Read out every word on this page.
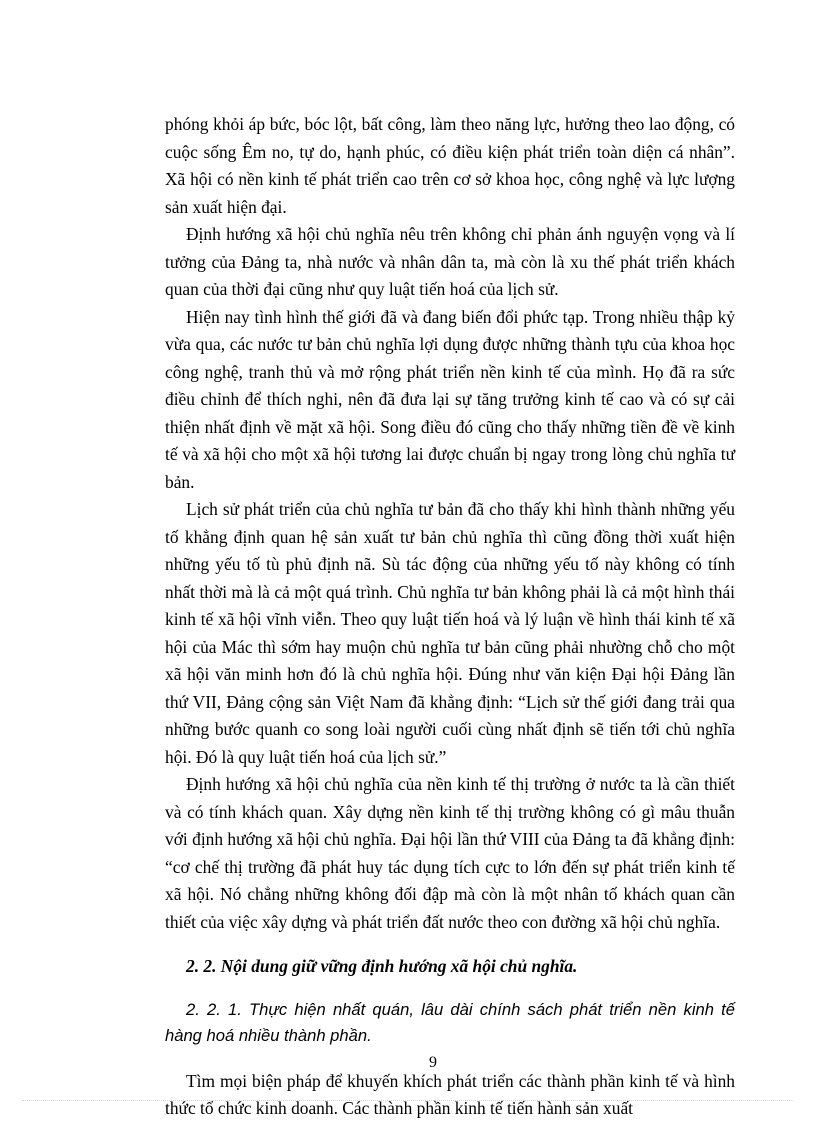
phóng khỏi áp bức, bóc lột, bất công, làm theo năng lực, hưởng theo lao động, có cuộc sống Êm no, tự do, hạnh phúc, có điều kiện phát triển toàn diện cá nhân”. Xã hội có nền kinh tế phát triển cao trên cơ sở khoa học, công nghệ và lực lượng sản xuất hiện đại.

Định hướng xã hội chủ nghĩa nêu trên không chỉ phản ánh nguyện vọng và lí tưởng của Đảng ta, nhà nước và nhân dân ta, mà còn là xu thế phát triển khách quan của thời đại cũng như quy luật tiến hoá của lịch sử.

Hiện nay tình hình thế giới đã và đang biến đổi phức tạp. Trong nhiều thập kỷ vừa qua, các nước tư bản chủ nghĩa lợi dụng được những thành tựu của khoa học công nghệ, tranh thủ và mở rộng phát triển nền kinh tế của mình. Họ đã ra sức điều chỉnh để thích nghi, nên đã đưa lại sự tăng trưởng kinh tế cao và có sự cải thiện nhất định về mặt xã hội. Song điều đó cũng cho thấy những tiền đề về kinh tế và xã hội cho một xã hội tương lai được chuẩn bị ngay trong lòng chủ nghĩa tư bản.

Lịch sử phát triển của chủ nghĩa tư bản đã cho thấy khi hình thành những yếu tố khẳng định quan hệ sản xuất tư bản chủ nghĩa thì cũng đồng thời xuất hiện những yếu tố tù phủ định nã. Sù tác động của những yếu tố này không có tính nhất thời mà là cả một quá trình. Chủ nghĩa tư bản không phải là cả một hình thái kinh tế xã hội vĩnh viễn. Theo quy luật tiến hoá và lý luận về hình thái kinh tế xã hội của Mác thì sớm hay muộn chủ nghĩa tư bản cũng phải nhường chỗ cho một xã hội văn minh hơn đó là chủ nghĩa hội. Đúng như văn kiện Đại hội Đảng lần thứ VII, Đảng cộng sản Việt Nam đã khẳng định: “Lịch sử thế giới đang trải qua những bước quanh co song loài người cuối cùng nhất định sẽ tiến tới chủ nghĩa hội. Đó là quy luật tiến hoá của lịch sử.”

Định hướng xã hội chủ nghĩa của nền kinh tế thị trường ở nước ta là cần thiết và có tính khách quan. Xây dựng nền kinh tế thị trường không có gì mâu thuẫn với định hướng xã hội chủ nghĩa. Đại hội lần thứ VIII của Đảng ta đã khẳng định: “cơ chế thị trường đã phát huy tác dụng tích cực to lớn đến sự phát triển kinh tế xã hội. Nó chẳng những không đối đập mà còn là một nhân tố khách quan cần thiết của việc xây dựng và phát triển đất nước theo con đường xã hội chủ nghĩa.

2. 2. Nội dung giữ vững định hướng xã hội chủ nghĩa.

2. 2. 1. Thực hiện nhất quán, lâu dài chính sách phát triển nền kinh tế hàng hoá nhiều thành phần.

Tìm mọi biện pháp để khuyến khích phát triển các thành phần kinh tế và hình thức tổ chức kinh doanh. Các thành phần kinh tế tiến hành sản xuất

9
